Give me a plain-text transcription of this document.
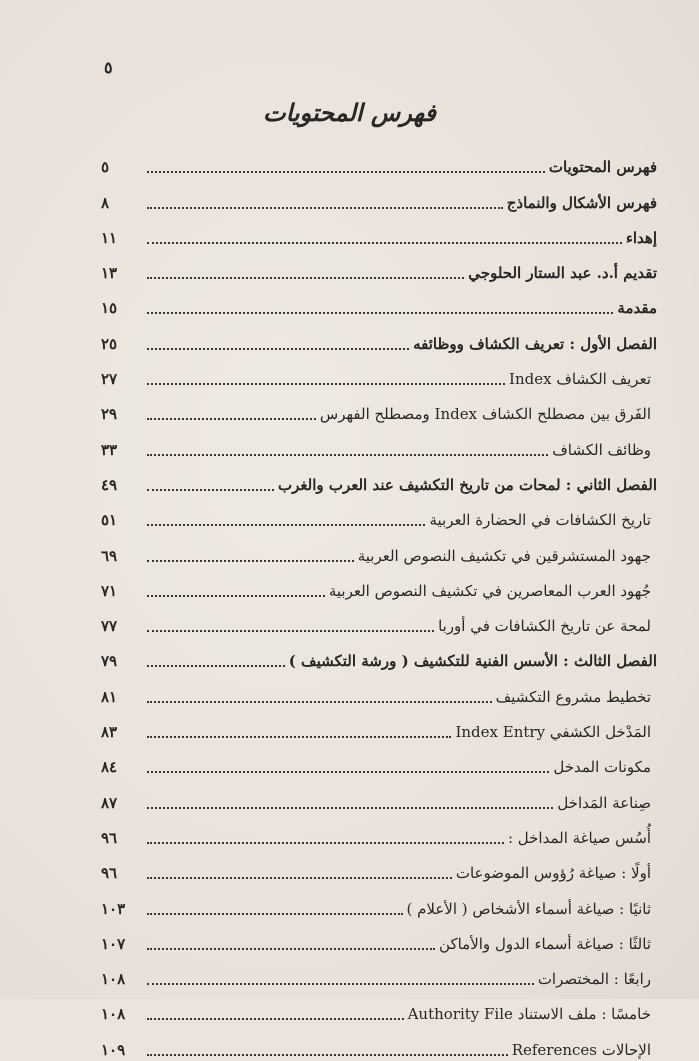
٥
فهرس المحتويات
فهرس المحتويات
٥
فهرس الأشكال والنماذج
٨
إهداء
١١
تقديم أ.د. عبد الستار الحلوجي
١٣
مقدمة
١٥
الفصل الأول : تعريف الكشاف ووظائفه
٢٥
تعريف الكشاف Index
٢٧
الفَرق بين مصطلح الكشاف Index ومصطلح الفهرس
٢٩
وظائف الكشاف
٣٣
الفصل الثاني : لمحات من تاريخ التكشيف عند العرب والغرب
٤٩
تاريخ الكشافات في الحضارة العربية
٥١
جهود المستشرقين في تكشيف النصوص العربية
٦٩
جُهود العرب المعاصرين في تكشيف النصوص العربية
٧١
لمحة عن تاريخ الكشافات في أوربا
٧٧
الفصل الثالث : الأسس الفنية للتكشيف ( ورشة التكشيف )
٧٩
تخطيط مشروع التكشيف
٨١
المَدْخل الكشفي Index Entry
٨٣
مكونات المدخل
٨٤
صِناعة المَداخل
٨٧
أُسُس صياغة المداخل :
٩٦
أولًا : صياغة رُؤوس الموضوعات
٩٦
ثانيًا : صياغة أسماء الأشخاص ( الأعلام )
١٠٣
ثالثًا : صياغة أسماء الدول والأماكن
١٠٧
رابعًا : المختصرات
١٠٨
خامسًا : ملف الاستناد Authority File
١٠٨
الإحالات References
١٠٩
